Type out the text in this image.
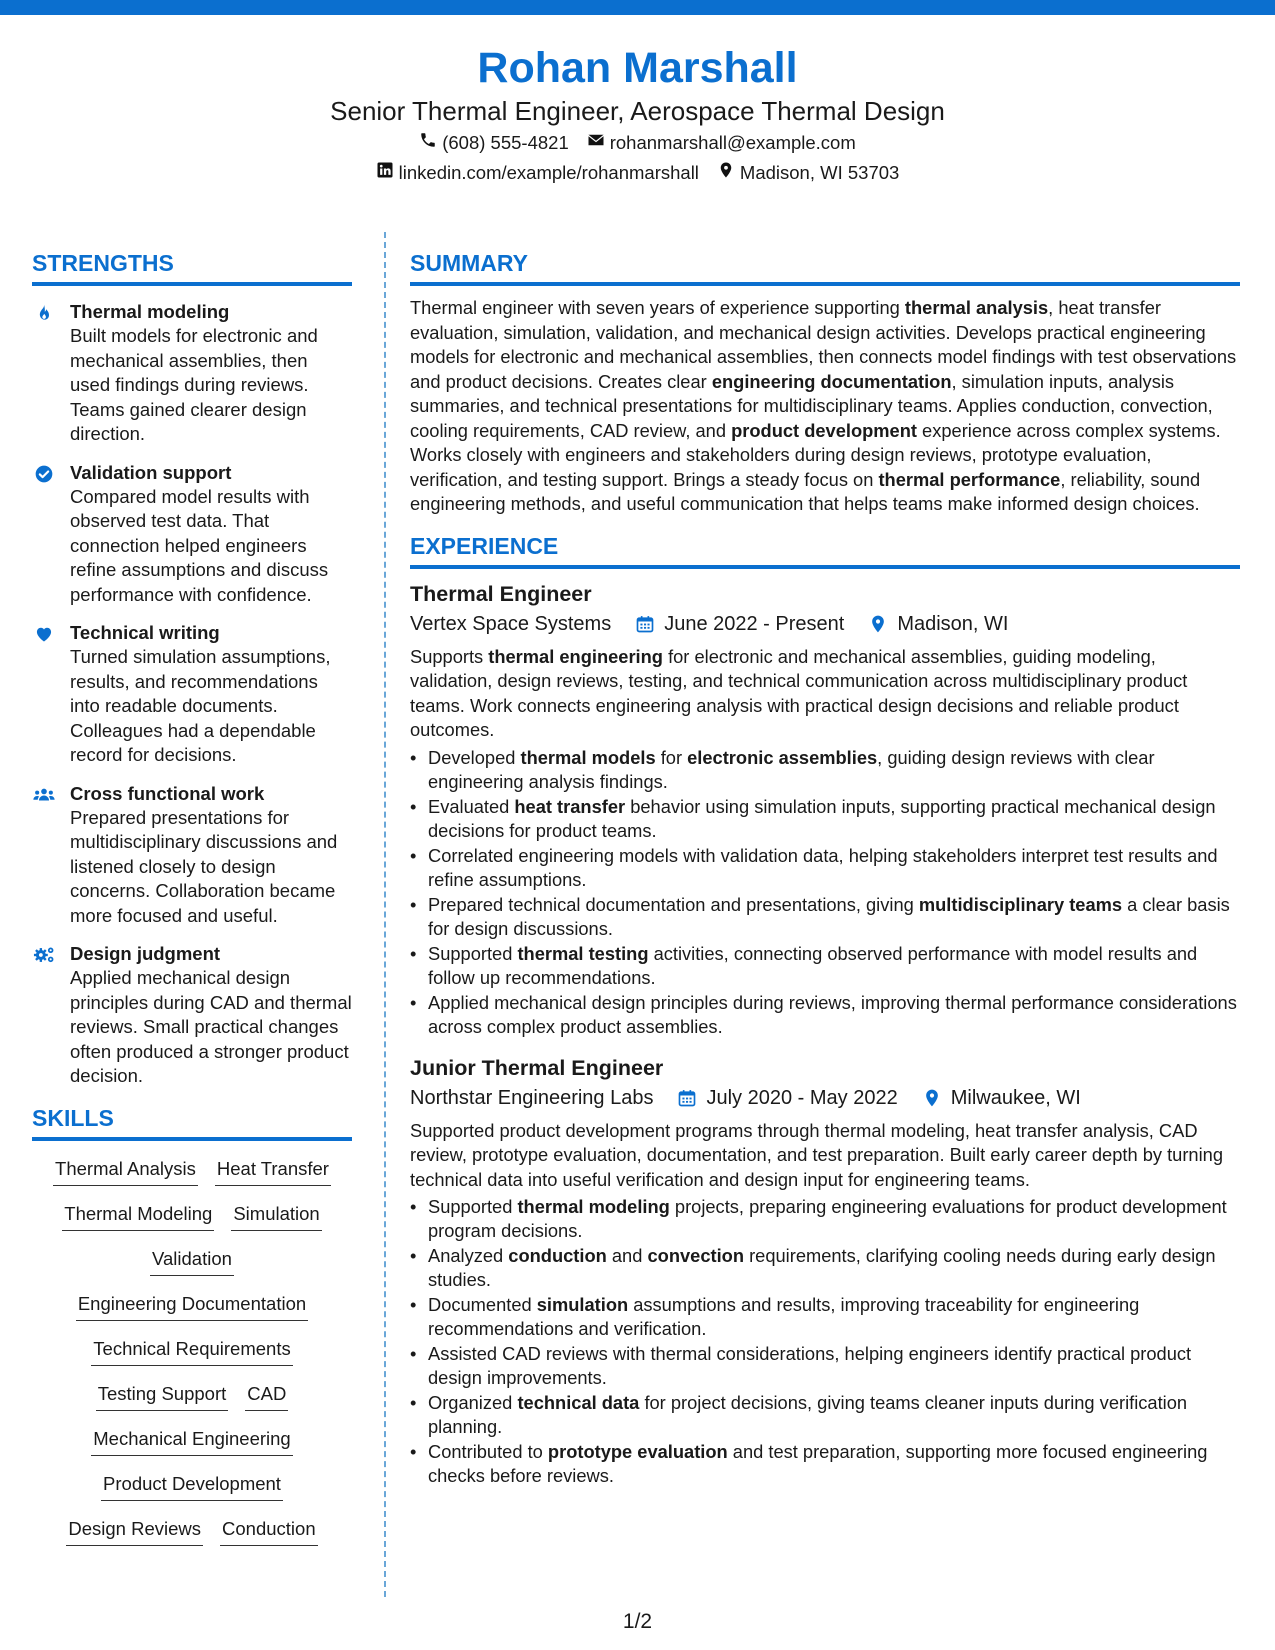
Rohan Marshall
Senior Thermal Engineer, Aerospace Thermal Design
(608) 555-4821 rohanmarshall@example.com
linkedin.com/example/rohanmarshall Madison, WI 53703
STRENGTHS
Thermal modeling
Built models for electronic and mechanical assemblies, then used findings during reviews. Teams gained clearer design direction.
Validation support
Compared model results with observed test data. That connection helped engineers refine assumptions and discuss performance with confidence.
Technical writing
Turned simulation assumptions, results, and recommendations into readable documents. Colleagues had a dependable record for decisions.
Cross functional work
Prepared presentations for multidisciplinary discussions and listened closely to design concerns. Collaboration became more focused and useful.
Design judgment
Applied mechanical design principles during CAD and thermal reviews. Small practical changes often produced a stronger product decision.
SKILLS
Thermal Analysis Heat Transfer
Thermal Modeling Simulation
Validation
Engineering Documentation
Technical Requirements
Testing Support CAD
Mechanical Engineering
Product Development
Design Reviews Conduction
SUMMARY
Thermal engineer with seven years of experience supporting thermal analysis, heat transfer evaluation, simulation, validation, and mechanical design activities. Develops practical engineering models for electronic and mechanical assemblies, then connects model findings with test observations and product decisions. Creates clear engineering documentation, simulation inputs, analysis summaries, and technical presentations for multidisciplinary teams. Applies conduction, convection, cooling requirements, CAD review, and product development experience across complex systems. Works closely with engineers and stakeholders during design reviews, prototype evaluation, verification, and testing support. Brings a steady focus on thermal performance, reliability, sound engineering methods, and useful communication that helps teams make informed design choices.
EXPERIENCE
Thermal Engineer
Vertex Space Systems	June 2022 - Present	Madison, WI
Supports thermal engineering for electronic and mechanical assemblies, guiding modeling, validation, design reviews, testing, and technical communication across multidisciplinary product teams. Work connects engineering analysis with practical design decisions and reliable product outcomes.
• Developed thermal models for electronic assemblies, guiding design reviews with clear engineering analysis findings.
• Evaluated heat transfer behavior using simulation inputs, supporting practical mechanical design decisions for product teams.
• Correlated engineering models with validation data, helping stakeholders interpret test results and refine assumptions.
• Prepared technical documentation and presentations, giving multidisciplinary teams a clear basis for design discussions.
• Supported thermal testing activities, connecting observed performance with model results and follow up recommendations.
• Applied mechanical design principles during reviews, improving thermal performance considerations across complex product assemblies.
Junior Thermal Engineer
Northstar Engineering Labs	July 2020 - May 2022	Milwaukee, WI
Supported product development programs through thermal modeling, heat transfer analysis, CAD review, prototype evaluation, documentation, and test preparation. Built early career depth by turning technical data into useful verification and design input for engineering teams.
• Supported thermal modeling projects, preparing engineering evaluations for product development program decisions.
• Analyzed conduction and convection requirements, clarifying cooling needs during early design studies.
• Documented simulation assumptions and results, improving traceability for engineering recommendations and verification.
• Assisted CAD reviews with thermal considerations, helping engineers identify practical product design improvements.
• Organized technical data for project decisions, giving teams cleaner inputs during verification planning.
• Contributed to prototype evaluation and test preparation, supporting more focused engineering checks before reviews.
1/2
